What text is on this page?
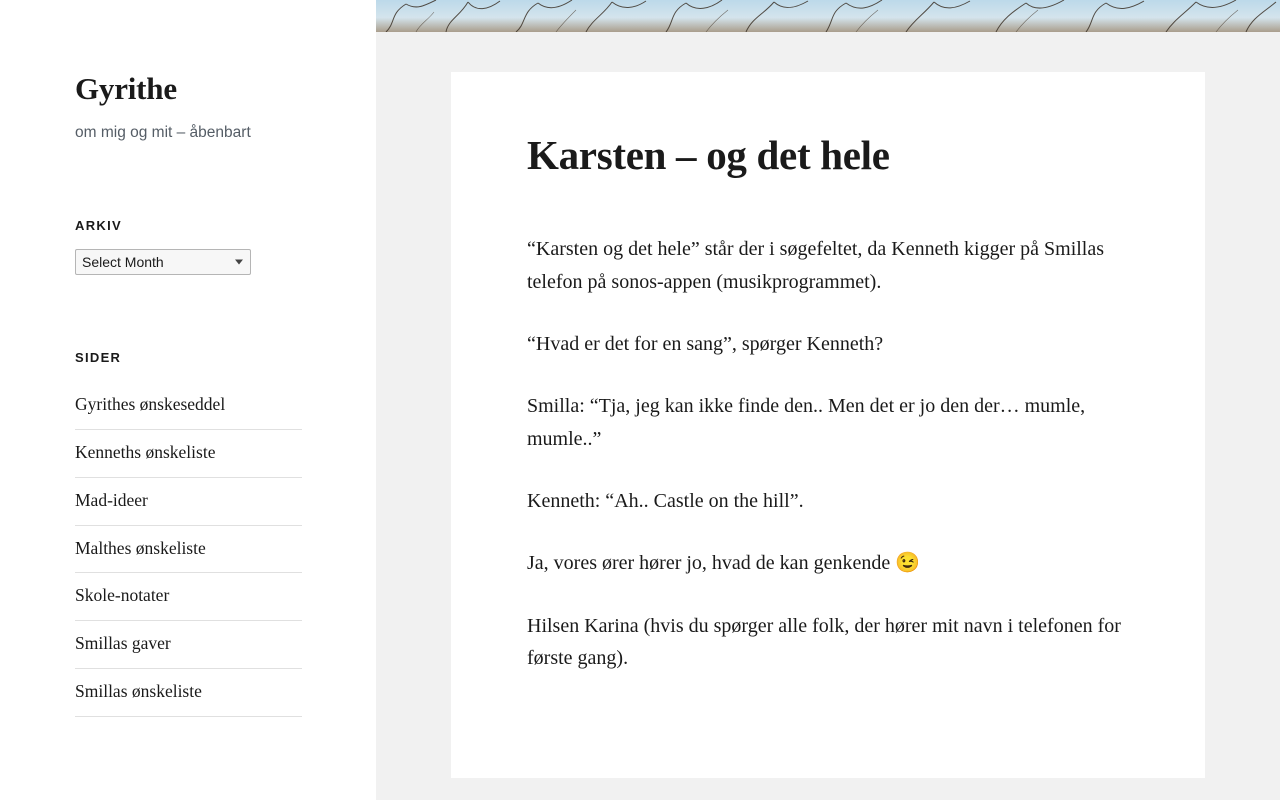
Gyrithe

om mig og mit – åbenbart

ARKIV
Select Month
SIDER
Gyrithes ønskeseddel
Kenneths ønskeliste
Mad-ideer
Malthes ønskeliste
Skole-notater
Smillas gaver
Smillas ønskeliste
Karsten – og det hele

“Karsten og det hele” står der i søgefeltet, da Kenneth kigger på Smillas telefon på sonos-appen (musikprogrammet).

“Hvad er det for en sang”, spørger Kenneth?

Smilla: “Tja, jeg kan ikke finde den.. Men det er jo den der… mumle, mumle..”

Kenneth: “Ah.. Castle on the hill”.

Ja, vores ører hører jo, hvad de kan genkende 😉

Hilsen Karina (hvis du spørger alle folk, der hører mit navn i telefonen for første gang).
